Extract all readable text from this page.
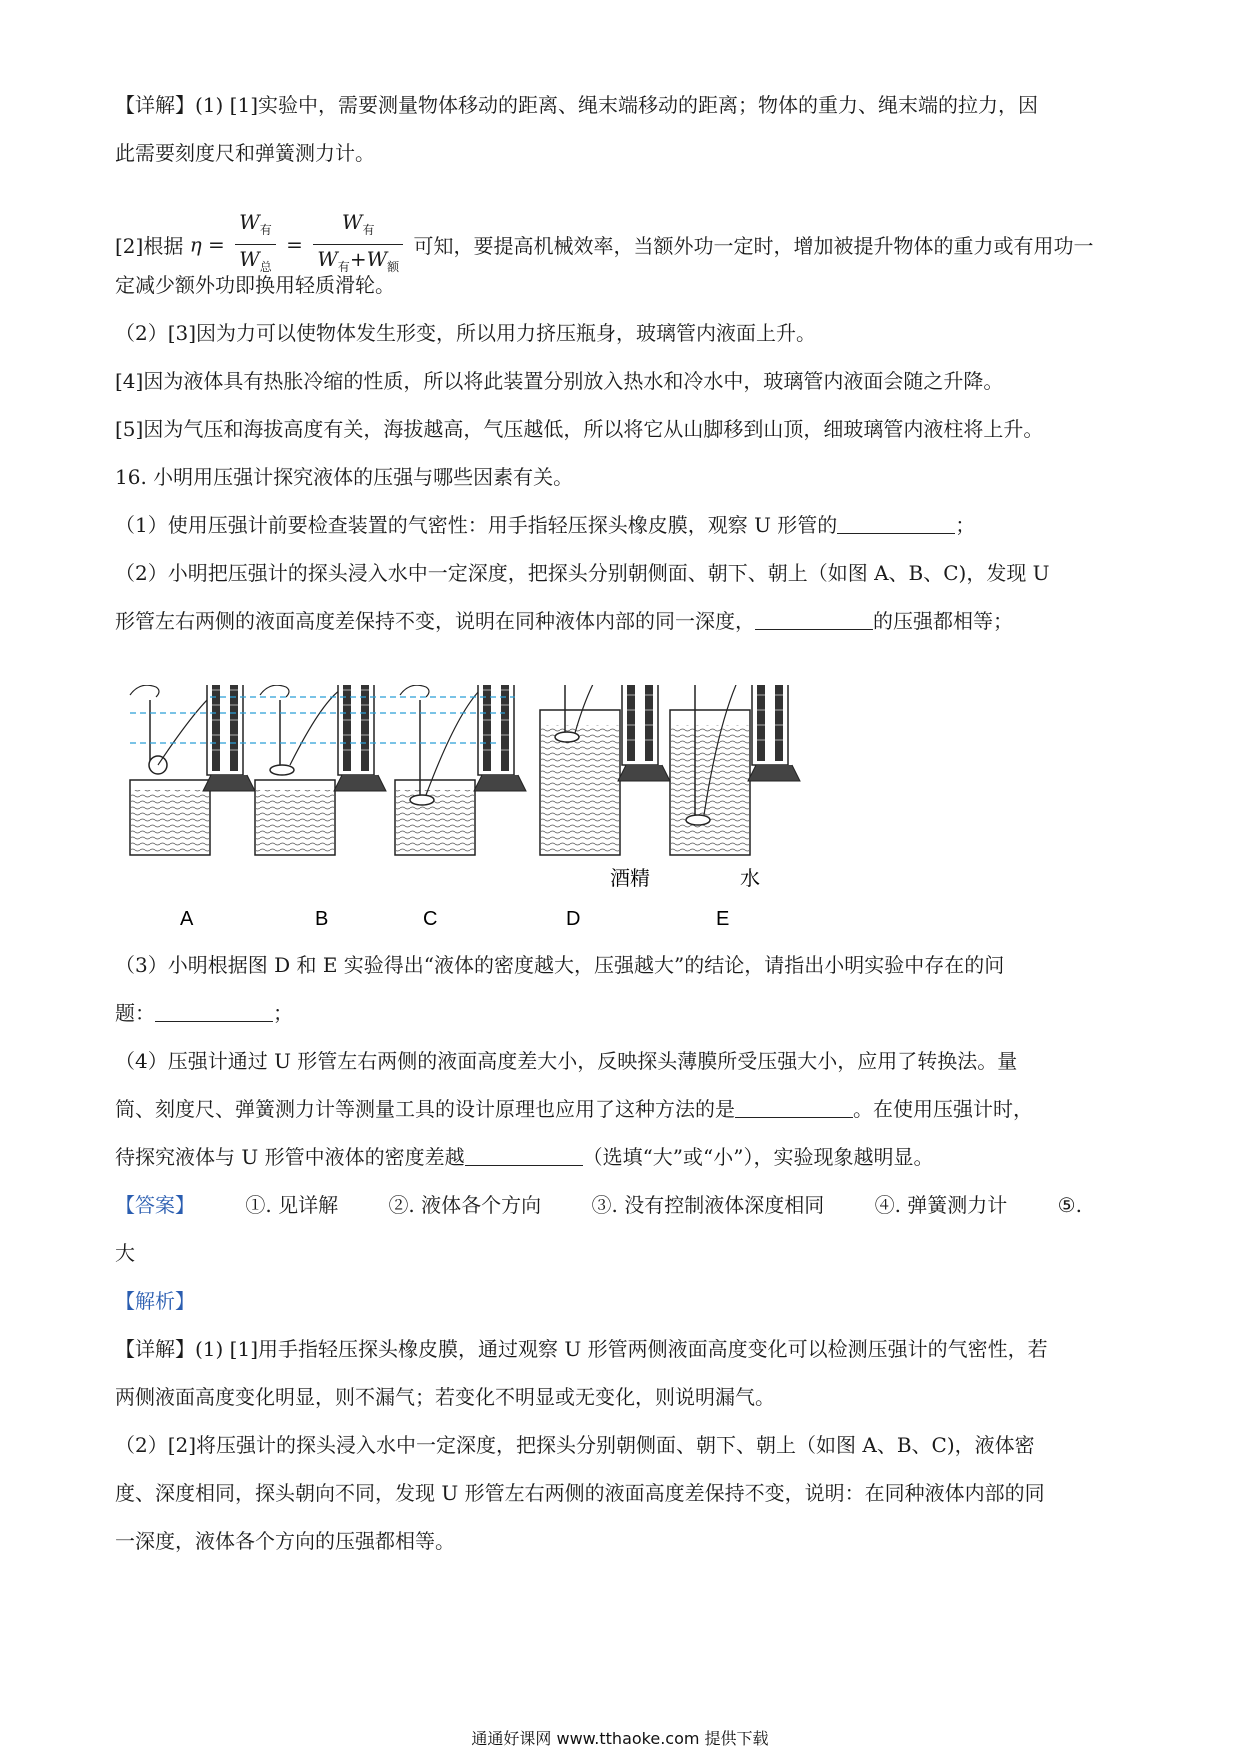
【详解】(1) [1]实验中，需要测量物体移动的距离、绳末端移动的距离；物体的重力、绳末端的拉力，因
此需要刻度尺和弹簧测力计。
[2]根据 $\eta = \frac{W_有}{W_总} = \frac{W_有}{W_有+W_额}$ 可知，要提高机械效率，当额外功一定时，增加被提升物体的重力或有用功一
定减少额外功即换用轻质滑轮。
（2）[3]因为力可以使物体发生形变，所以用力挤压瓶身，玻璃管内液面上升。
[4]因为液体具有热胀冷缩的性质，所以将此装置分别放入热水和冷水中，玻璃管内液面会随之升降。
[5]因为气压和海拔高度有关，海拔越高，气压越低，所以将它从山脚移到山顶，细玻璃管内液柱将上升。
16. 小明用压强计探究液体的压强与哪些因素有关。
（1）使用压强计前要检查装置的气密性：用手指轻压探头橡皮膜，观察 U 形管的	；
（2）小明把压强计的探头浸入水中一定深度，把探头分别朝侧面、朝下、朝上（如图 A、B、C)，发现 U
形管左右两侧的液面高度差保持不变，说明在同种液体内部的同一深度，	的压强都相等；
酒精	水
A	B	C	D	E
（3）小明根据图 D 和 E 实验得出“液体的密度越大，压强越大”的结论，请指出小明实验中存在的问
题：	；
（4）压强计通过 U 形管左右两侧的液面高度差大小，反映探头薄膜所受压强大小，应用了转换法。量
筒、刻度尺、弹簧测力计等测量工具的设计原理也应用了这种方法的是	。在使用压强计时，
待探究液体与 U 形管中液体的密度差越	（选填“大”或“小”），实验现象越明显。
【答案】	①. 见详解	②. 液体各个方向	③. 没有控制液体深度相同	④. 弹簧测力计	⑤.
大
【解析】
【详解】(1) [1]用手指轻压探头橡皮膜，通过观察 U 形管两侧液面高度变化可以检测压强计的气密性，若
两侧液面高度变化明显，则不漏气；若变化不明显或无变化，则说明漏气。
（2）[2]将压强计的探头浸入水中一定深度，把探头分别朝侧面、朝下、朝上（如图 A、B、C)，液体密
度、深度相同，探头朝向不同，发现 U 形管左右两侧的液面高度差保持不变，说明：在同种液体内部的同
一深度，液体各个方向的压强都相等。
通通好课网 www.tthaoke.com 提供下载
